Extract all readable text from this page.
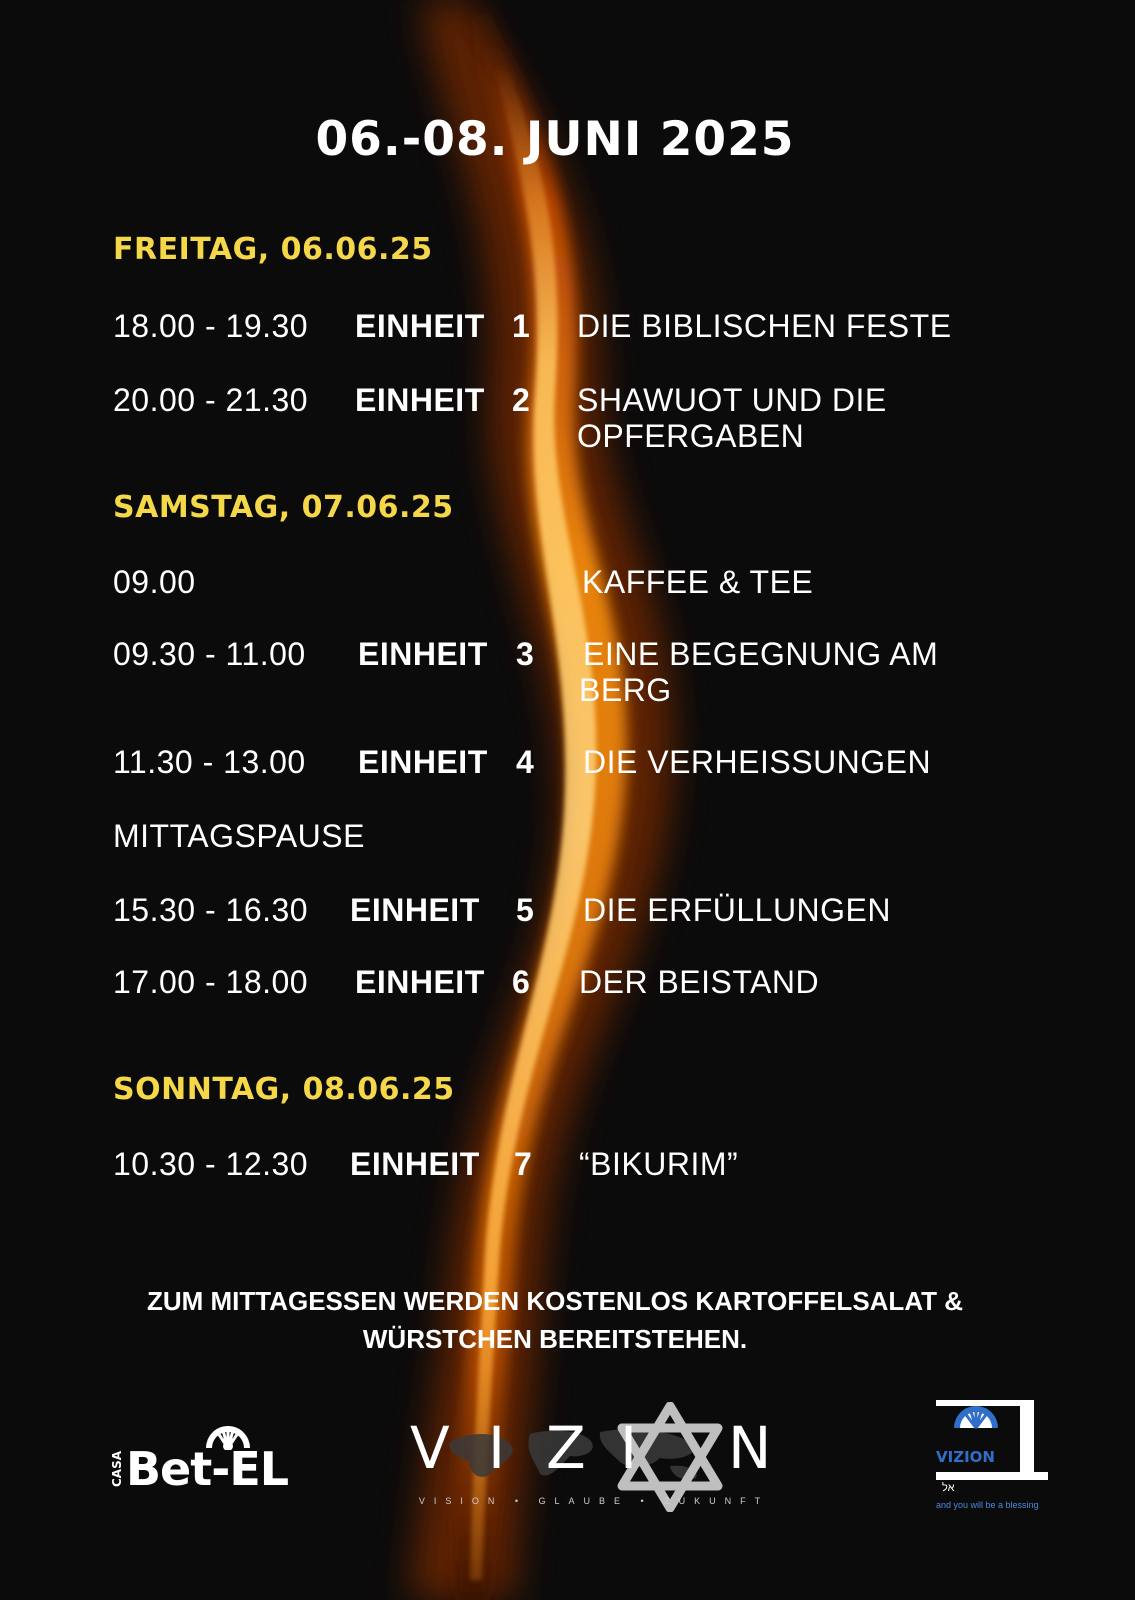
06.-08. JUNI 2025
FREITAG, 06.06.25
18.00 - 19.30 EINHEIT 1 DIE BIBLISCHEN FESTE
20.00 - 21.30 EINHEIT 2 SHAWUOT UND DIE
OPFERGABEN
SAMSTAG, 07.06.25
09.00	KAFFEE & TEE
09.30 - 11.00 EINHEIT 3 EINE BEGEGNUNG AM
BERG
11.30 - 13.00 EINHEIT 4 DIE VERHEISSUNGEN
MITTAGSPAUSE
15.30 - 16.30 EINHEIT 5 DIE ERFÜLLUNGEN
17.00 - 18.00 EINHEIT 6 DER BEISTAND
SONNTAG, 08.06.25
10.30 - 12.30 EINHEIT 7 “BIKURIM”
ZUM MITTAGESSEN WERDEN KOSTENLOS KARTOFFELSALAT &
WÜRSTCHEN BEREITSTEHEN.
CASA Bet-EL V I Z I N
VISION • GLAUBE • ZUKUNFT
VIZION
אל
and you will be a blessing
